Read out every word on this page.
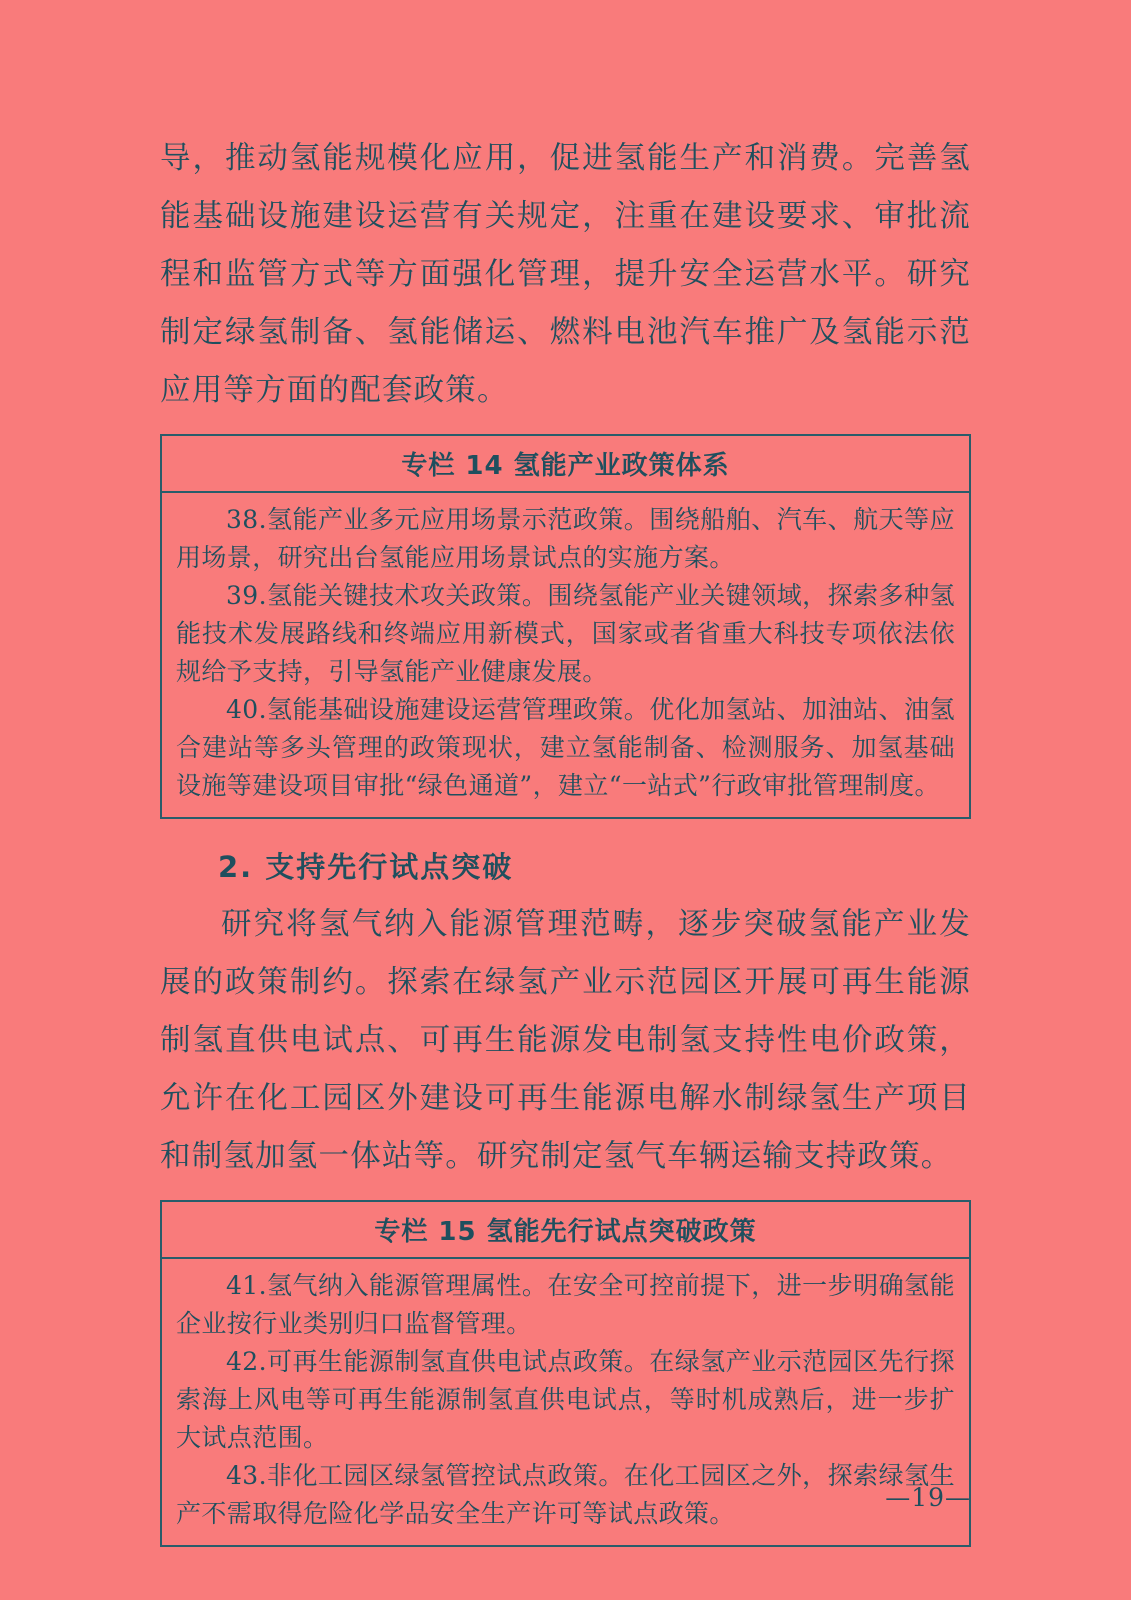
导，推动氢能规模化应用，促进氢能生产和消费。完善氢能基础设施建设运营有关规定，注重在建设要求、审批流程和监管方式等方面强化管理，提升安全运营水平。研究制定绿氢制备、氢能储运、燃料电池汽车推广及氢能示范应用等方面的配套政策。

专栏 14 氢能产业政策体系

38.氢能产业多元应用场景示范政策。围绕船舶、汽车、航天等应用场景，研究出台氢能应用场景试点的实施方案。

39.氢能关键技术攻关政策。围绕氢能产业关键领域，探索多种氢能技术发展路线和终端应用新模式，国家或者省重大科技专项依法依规给予支持，引导氢能产业健康发展。

40.氢能基础设施建设运营管理政策。优化加氢站、加油站、油氢合建站等多头管理的政策现状，建立氢能制备、检测服务、加氢基础设施等建设项目审批“绿色通道”，建立“一站式”行政审批管理制度。

2. 支持先行试点突破

研究将氢气纳入能源管理范畴，逐步突破氢能产业发展的政策制约。探索在绿氢产业示范园区开展可再生能源制氢直供电试点、可再生能源发电制氢支持性电价政策，允许在化工园区外建设可再生能源电解水制绿氢生产项目和制氢加氢一体站等。研究制定氢气车辆运输支持政策。

专栏 15 氢能先行试点突破政策

41.氢气纳入能源管理属性。在安全可控前提下，进一步明确氢能企业按行业类别归口监督管理。

42.可再生能源制氢直供电试点政策。在绿氢产业示范园区先行探索海上风电等可再生能源制氢直供电试点，等时机成熟后，进一步扩大试点范围。

43.非化工园区绿氢管控试点政策。在化工园区之外，探索绿氢生产不需取得危险化学品安全生产许可等试点政策。

—19—
